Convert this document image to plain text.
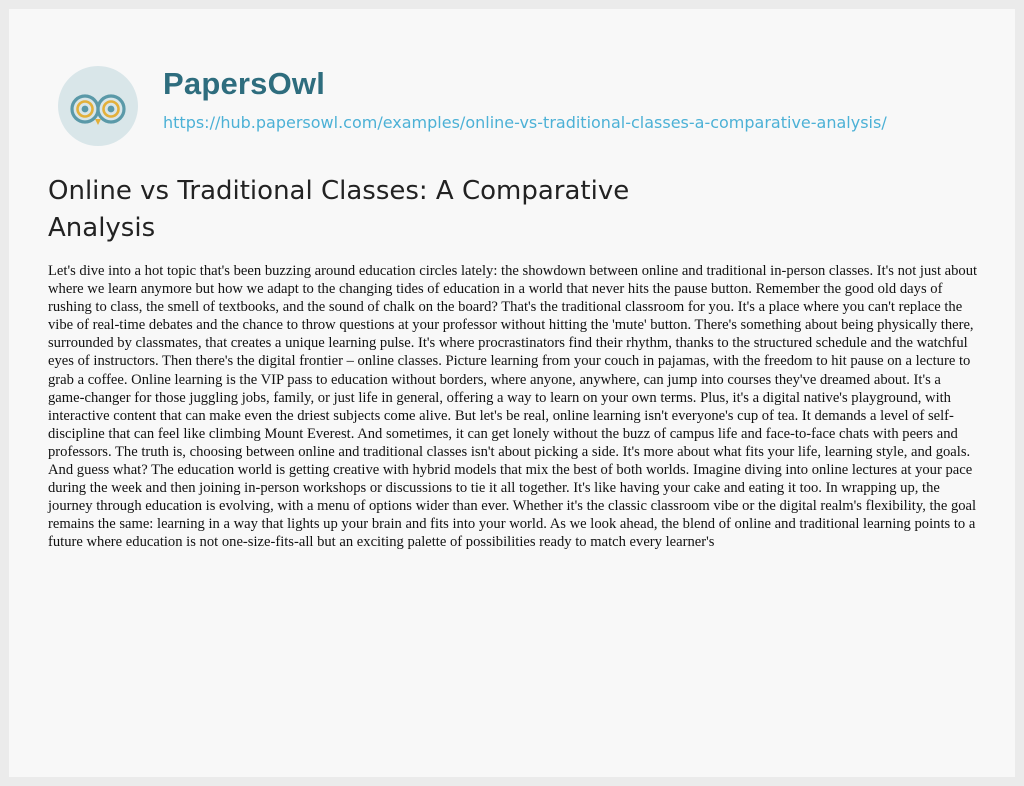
PapersOwl
https://hub.papersowl.com/examples/online-vs-traditional-classes-a-comparative-analysis/
Online vs Traditional Classes: A Comparative Analysis

Let's dive into a hot topic that's been buzzing around education circles lately: the showdown between online and traditional in-person classes. It's not just about where we learn anymore but how we adapt to the changing tides of education in a world that never hits the pause button. Remember the good old days of rushing to class, the smell of textbooks, and the sound of chalk on the board? That's the traditional classroom for you. It's a place where you can't replace the vibe of real-time debates and the chance to throw questions at your professor without hitting the 'mute' button. There's something about being physically there, surrounded by classmates, that creates a unique learning pulse. It's where procrastinators find their rhythm, thanks to the structured schedule and the watchful eyes of instructors. Then there's the digital frontier – online classes. Picture learning from your couch in pajamas, with the freedom to hit pause on a lecture to grab a coffee. Online learning is the VIP pass to education without borders, where anyone, anywhere, can jump into courses they've dreamed about. It's a game-changer for those juggling jobs, family, or just life in general, offering a way to learn on your own terms. Plus, it's a digital native's playground, with interactive content that can make even the driest subjects come alive. But let's be real, online learning isn't everyone's cup of tea. It demands a level of self-discipline that can feel like climbing Mount Everest. And sometimes, it can get lonely without the buzz of campus life and face-to-face chats with peers and professors. The truth is, choosing between online and traditional classes isn't about picking a side. It's more about what fits your life, learning style, and goals. And guess what? The education world is getting creative with hybrid models that mix the best of both worlds. Imagine diving into online lectures at your pace during the week and then joining in-person workshops or discussions to tie it all together. It's like having your cake and eating it too. In wrapping up, the journey through education is evolving, with a menu of options wider than ever. Whether it's the classic classroom vibe or the digital realm's flexibility, the goal remains the same: learning in a way that lights up your brain and fits into your world. As we look ahead, the blend of online and traditional learning points to a future where education is not one-size-fits-all but an exciting palette of possibilities ready to match every learner's
